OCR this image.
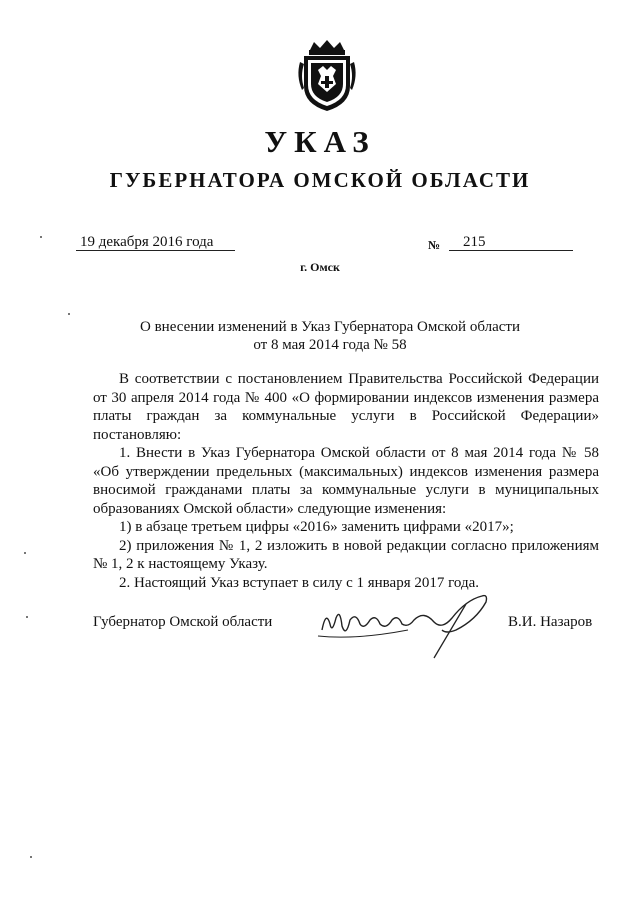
УКАЗ
ГУБЕРНАТОРА ОМСКОЙ ОБЛАСТИ
19 декабря 2016 года	№	215
г. Омск
О внесении изменений в Указ Губернатора Омской области
от 8 мая 2014 года № 58

В соответствии с постановлением Правительства Российской Федерации от 30 апреля 2014 года № 400 «О формировании индексов изменения размера платы граждан за коммунальные услуги в Российской Федерации» постановляю:

1. Внести в Указ Губернатора Омской области от 8 мая 2014 года № 58 «Об утверждении предельных (максимальных) индексов изменения размера вносимой гражданами платы за коммунальные услуги в муниципальных образованиях Омской области» следующие изменения:

1) в абзаце третьем цифры «2016» заменить цифрами «2017»;

2) приложения № 1, 2 изложить в новой редакции согласно приложениям № 1, 2 к настоящему Указу.

2. Настоящий Указ вступает в силу с 1 января 2017 года.

Губернатор Омской области	В.И. Назаров
